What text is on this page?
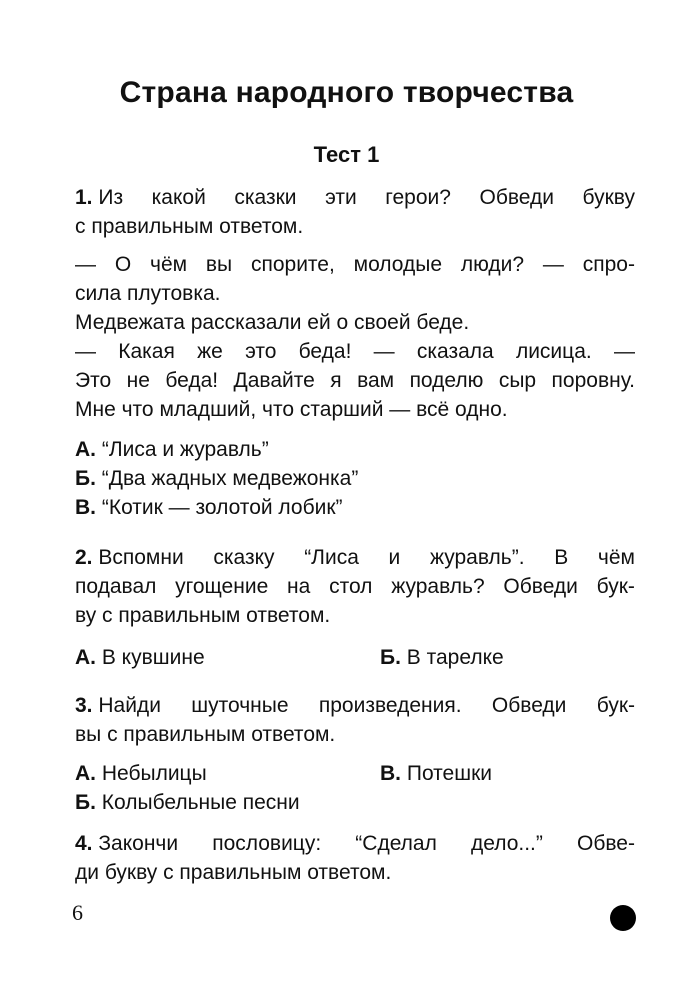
Страна народного творчества
Тест 1
1. Из какой сказки эти герои? Обведи букву
с правильным ответом.
— О чём вы спорите, молодые люди? — спро-
сила плутовка.
Медвежата рассказали ей о своей беде.
— Какая же это беда! — сказала лисица. —
Это не беда! Давайте я вам поделю сыр поровну.
Мне что младший, что старший — всё одно.
А. “Лиса и журавль”
Б. “Два жадных медвежонка”
В. “Котик — золотой лобик”
2. Вспомни сказку “Лиса и журавль”. В чём
подавал угощение на стол журавль? Обведи бук-
ву с правильным ответом.
А. В кувшине	Б. В тарелке
3. Найди шуточные произведения. Обведи бук-
вы с правильным ответом.
А. Небылицы	В. Потешки
Б. Колыбельные песни
4. Закончи пословицу: “Сделал дело...” Обве-
ди букву с правильным ответом.
6
